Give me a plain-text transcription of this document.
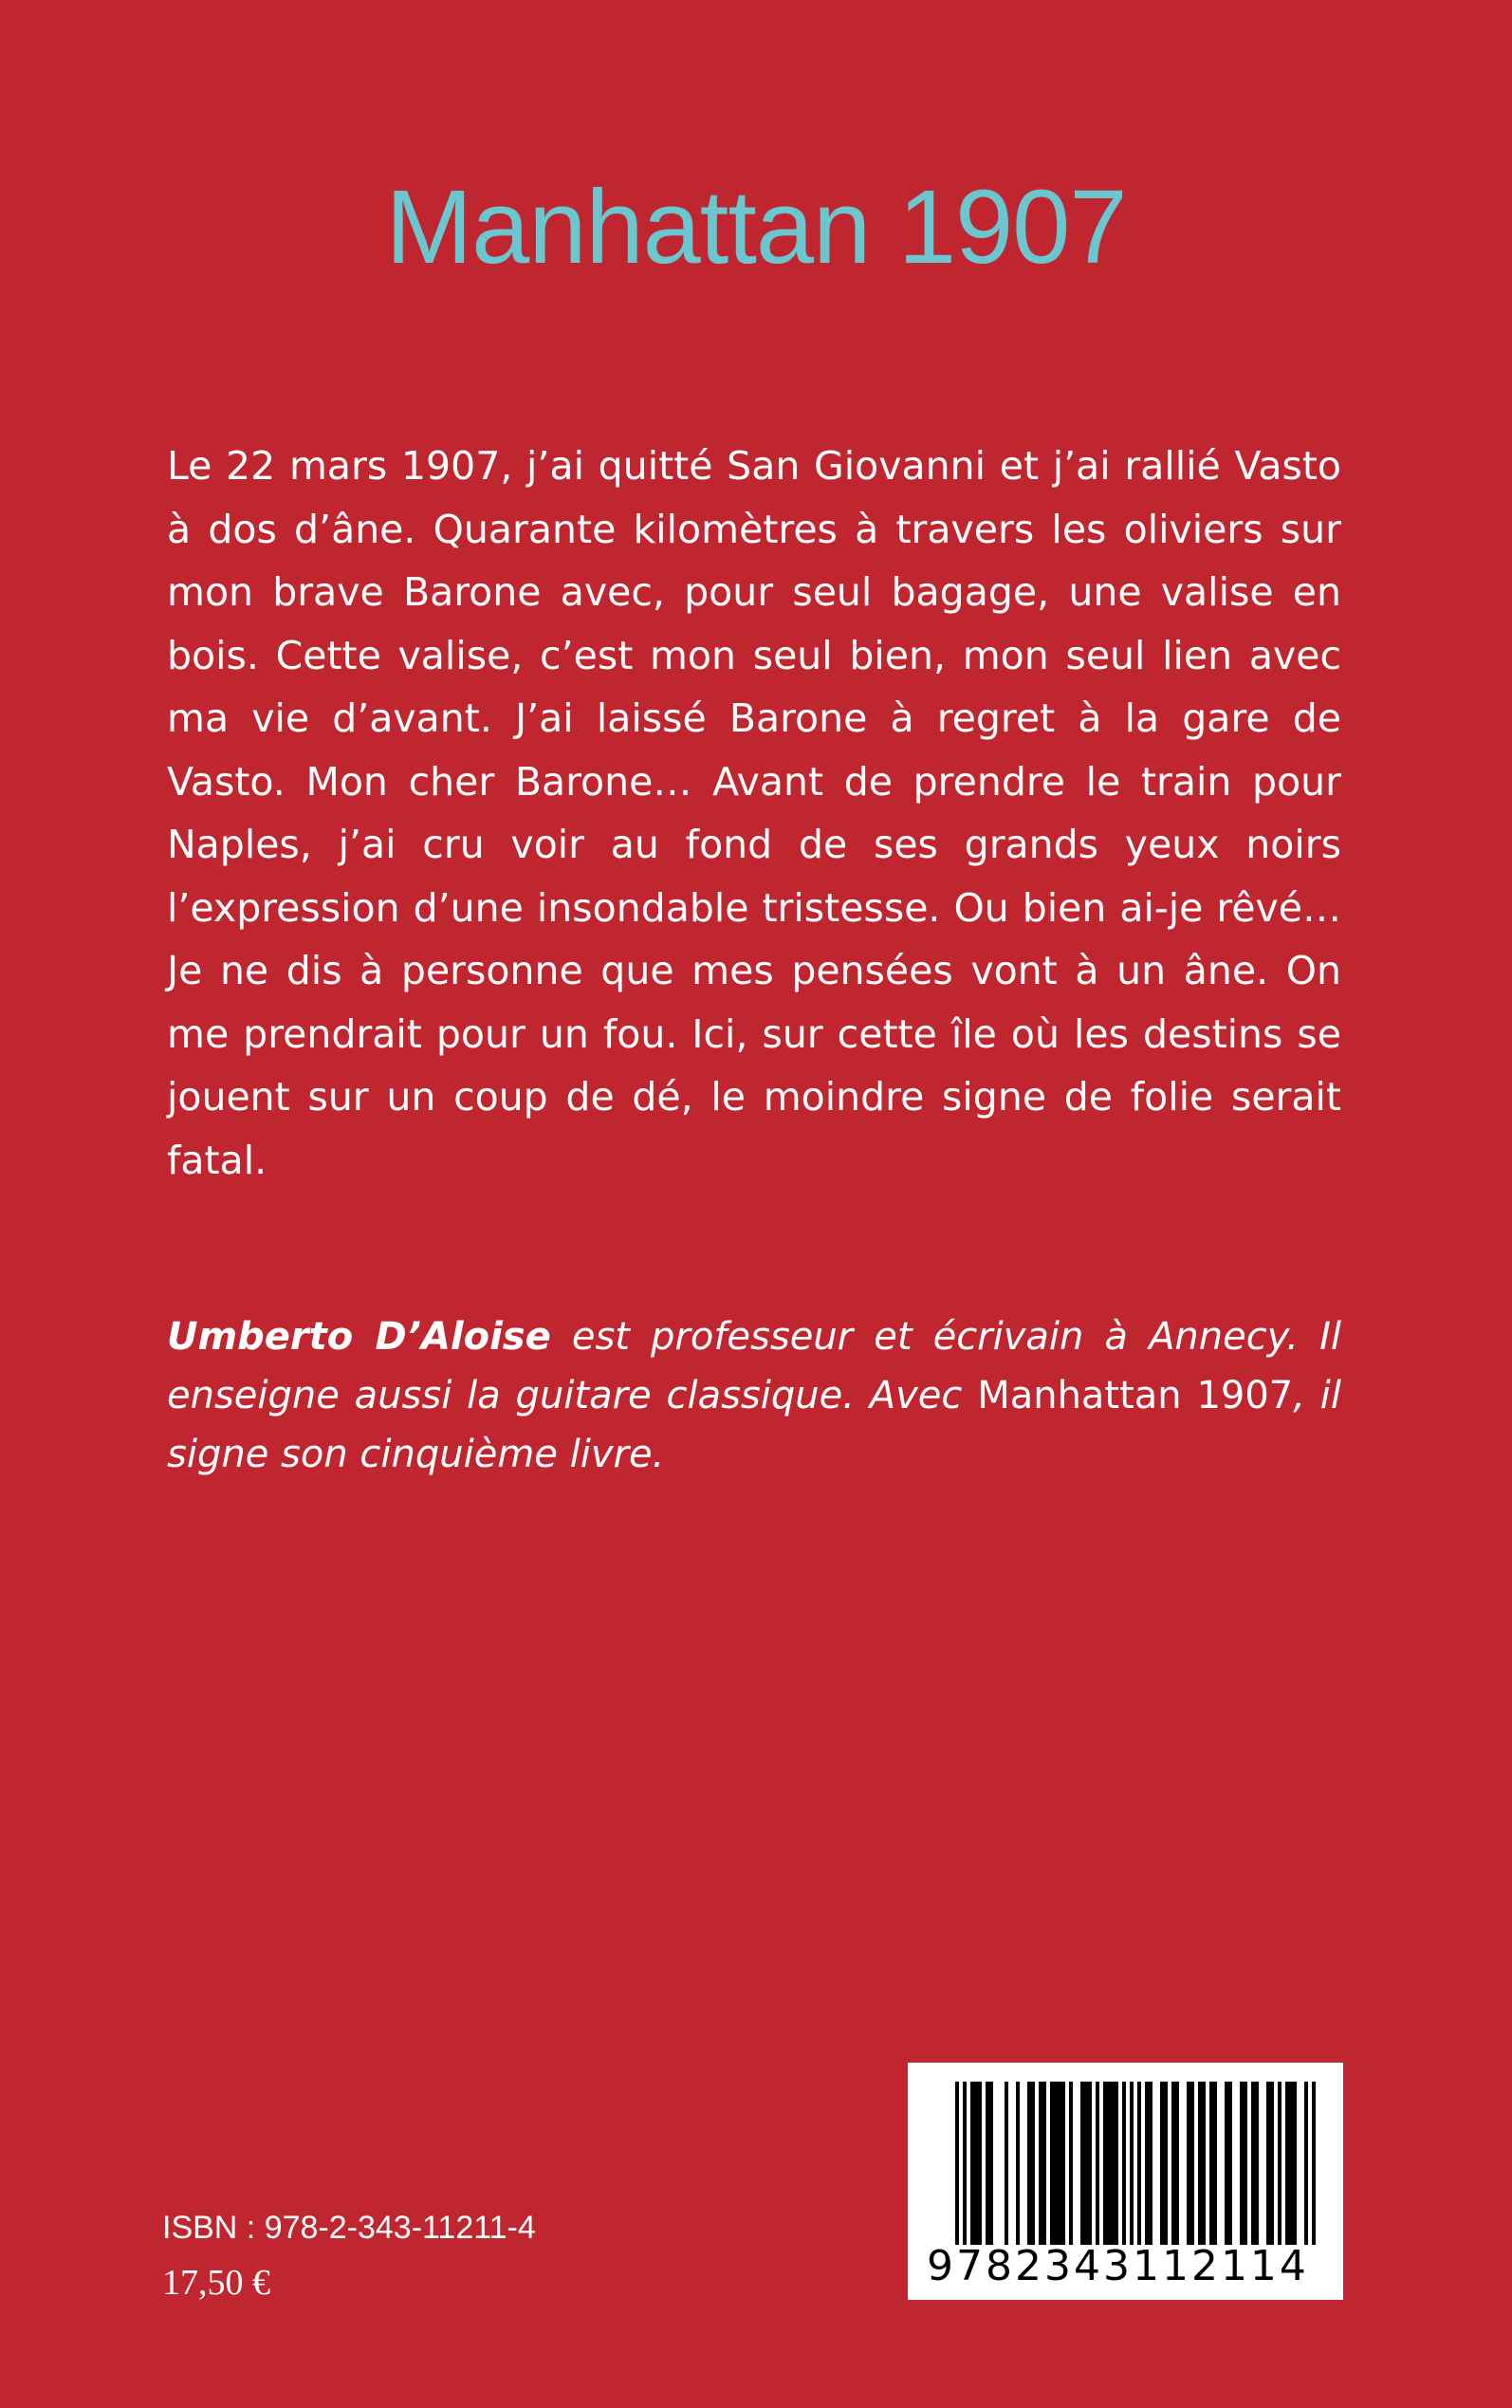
Manhattan 1907

Le 22 mars 1907, j’ai quitté San Giovanni et j’ai rallié Vasto à dos d’âne. Quarante kilomètres à travers les oliviers sur mon brave Barone avec, pour seul bagage, une valise en bois. Cette valise, c’est mon seul bien, mon seul lien avec ma vie d’avant. J’ai laissé Barone à regret à la gare de Vasto. Mon cher Barone… Avant de prendre le train pour Naples, j’ai cru voir au fond de ses grands yeux noirs l’expression d’une insondable tristesse. Ou bien ai-je rêvé… Je ne dis à personne que mes pensées vont à un âne. On me prendrait pour un fou. Ici, sur cette île où les destins se jouent sur un coup de dé, le moindre signe de folie serait fatal.

Umberto D’Aloise est professeur et écrivain à Annecy. Il enseigne aussi la guitare classique. Avec Manhattan 1907, il signe son cinquième livre.

ISBN : 978-2-343-11211-4
17,50 €	9782343112114
